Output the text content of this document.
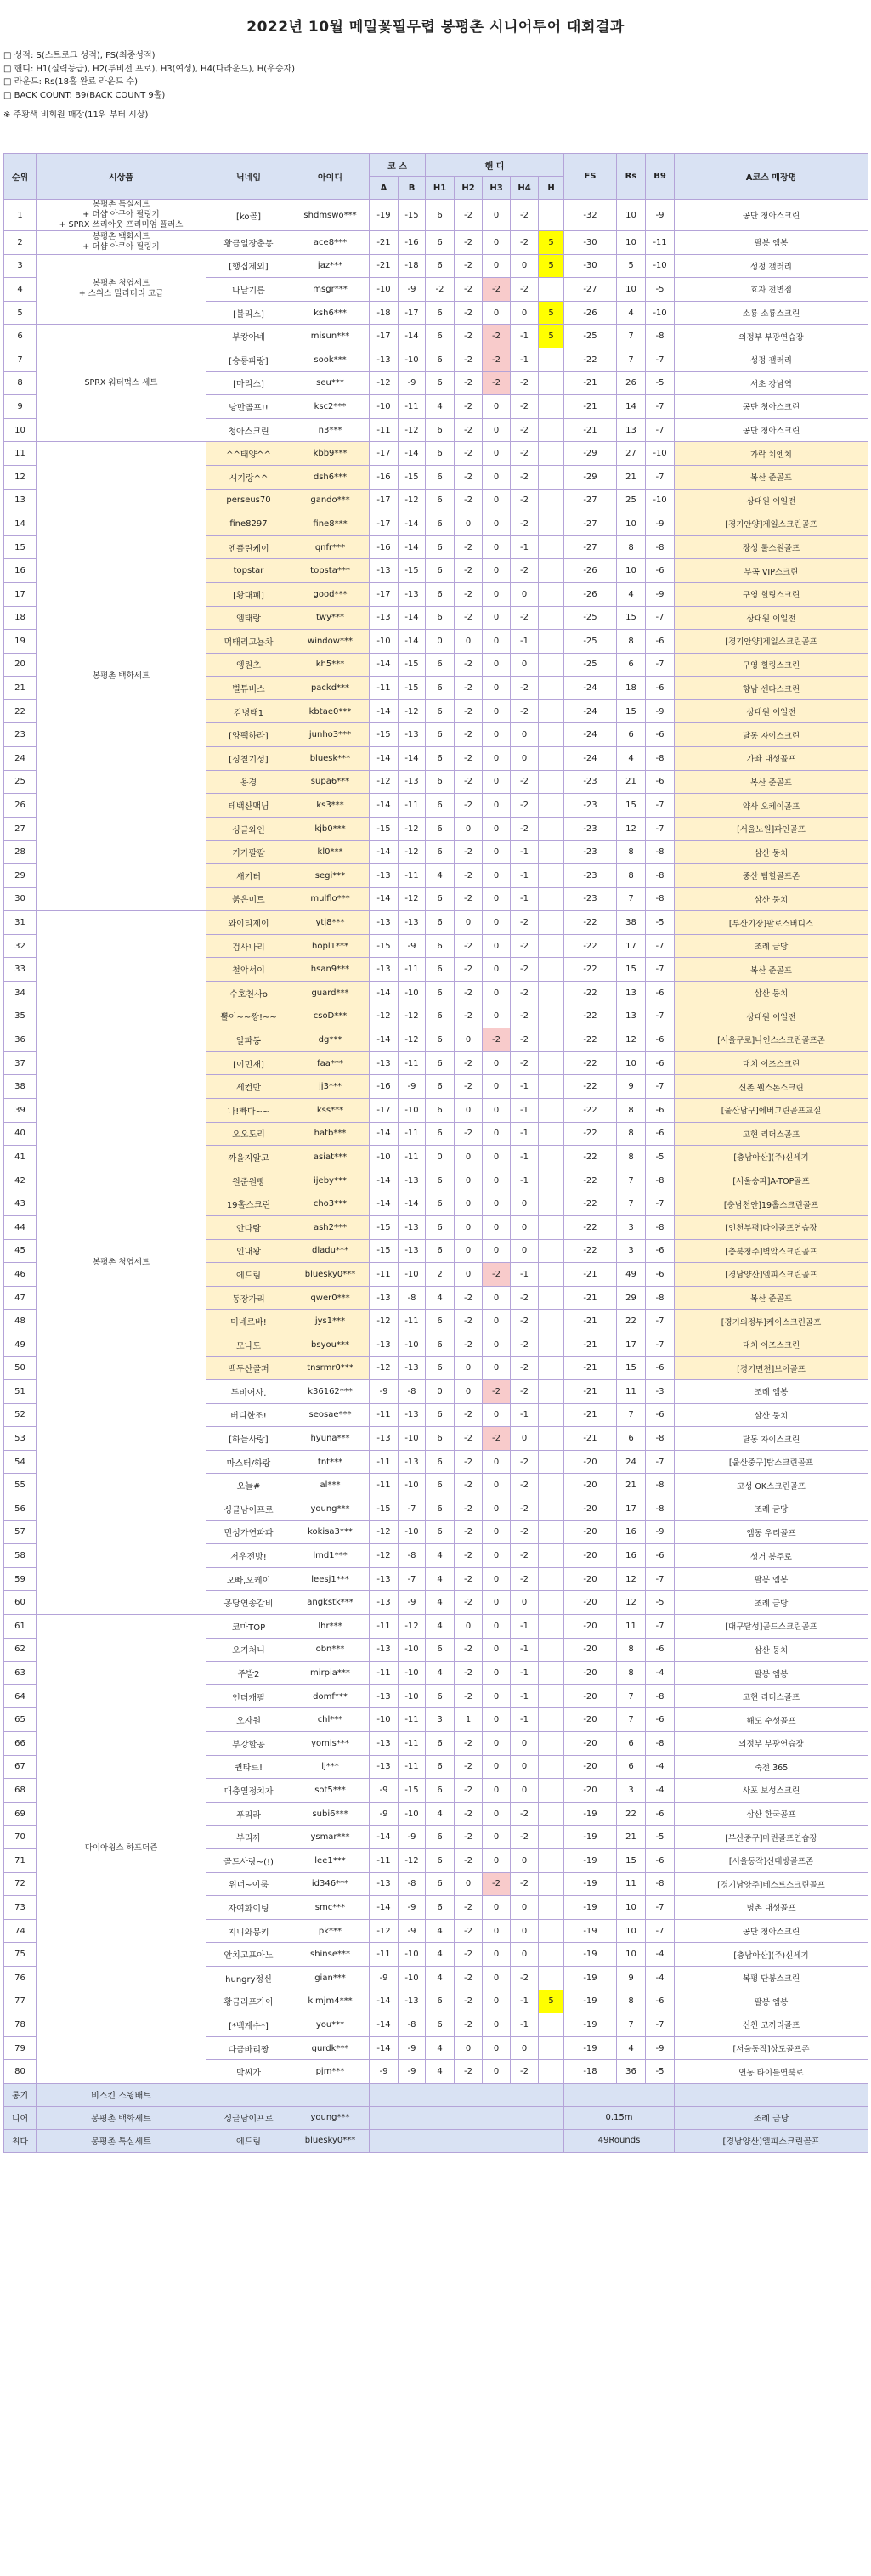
2022년 10월 메밀꽃필무렵 봉평촌 시니어투어 대회결과
□ 성적: S(스트로크 성적), FS(최종성적)
□ 핸디: H1(실력등급), H2(투비전 프로), H3(여성), H4(다라운드), H(우승자)
□ 라운드: Rs(18홀 완료 라운드 수)
□ BACK COUNT: B9(BACK COUNT 9홀)
※ 주황색 비회원 매장(11위 부터 시상)
순위	시상품	닉네임	아이디	코 스		핸 디					FS	Rs	B9	A코스 매장명
				A	B	H1	H2	H3	H4	H				
1	봉평촌 특실세트
+ 더샵 아쿠아 필링기
+ SPRX 쓰리아웃 프리미엄 플러스	[ko골]	shdmswo***	-19	-15	6	-2	0	-2		-32	10	-9	공단 청아스크린
2	봉평촌 백화세트
+ 더샵 아쿠아 필링기	황금일장춘몽	ace8***	-21	-16	6	-2	0	-2	5	-30	10	-11	팔봉 엠봉
3	봉평촌 청엽세트
+ 스위스 밀리터리 고급	[행집제외]	jaz***	-21	-18	6	-2	0	0	5	-30	5	-10	성정 갤러리
4		나날기름	msgr***	-10	-9	-2	-2	-2	-2		-27	10	-5	효자 전변점
5		[블리스]	ksh6***	-18	-17	6	-2	0	0	5	-26	4	-10	소룡 소룡스크린
6	SPRX 워터먹스 세트	부캉아네	misun***	-17	-14	6	-2	-2	-1	5	-25	7	-8	의정부 부광연습장
7		[승룡파랑]	sook***	-13	-10	6	-2	-2	-1		-22	7	-7	성정 갤러리
8		[마리스]	seu***	-12	-9	6	-2	-2	-2		-21	26	-5	서초 강남역
9		낭만골프!!	ksc2***	-10	-11	4	-2	0	-2		-21	14	-7	공단 청아스크린
10		청아스크린	n3***	-11	-12	6	-2	0	-2		-21	13	-7	공단 청아스크린
11	봉평촌 백화세트	^^태양^^	kbb9***	-17	-14	6	-2	0	-2		-29	27	-10	가락 치엔치
12		시기랑^^	dsh6***	-16	-15	6	-2	0	-2		-29	21	-7	복산 준골프
13		perseus70	gando***	-17	-12	6	-2	0	-2		-27	25	-10	상대원 이일전
14		fine8297	fine8***	-17	-14	6	0	0	-2		-27	10	-9	[경기안양]제일스크린골프
15		엔플린케이	qnfr***	-16	-14	6	-2	0	-1		-27	8	-8	장성 룰스원골프
16		topstar	topsta***	-13	-15	6	-2	0	-2		-26	10	-6	부곡 VIP스크린
17		[황대폐]	good***	-17	-13	6	-2	0	0		-26	4	-9	구영 힐링스크린
18		엠태랑	twy***	-13	-14	6	-2	0	-2		-25	15	-7	상대원 이일전
19		먹태리고뇰차	window***	-10	-14	0	0	0	-1		-25	8	-6	[경기안양]제일스크린골프
20		엥원초	kh5***	-14	-15	6	-2	0	0		-25	6	-7	구영 힐링스크린
21		별튜비스	packd***	-11	-15	6	-2	0	-2		-24	18	-6	향남 센타스크린
22		김병태1	kbtae0***	-14	-12	6	-2	0	-2		-24	15	-9	상대원 이일전
23		[양팩하라]	junho3***	-15	-13	6	-2	0	0		-24	6	-6	달동 자이스크린
24		[싱칠기성]	bluesk***	-14	-14	6	-2	0	0		-24	4	-8	가좌 대성골프
25		용경	supa6***	-12	-13	6	-2	0	-2		-23	21	-6	복산 준골프
26		테백산맥님	ks3***	-14	-11	6	-2	0	-2		-23	15	-7	약사 오케이골프
27		싱글와인	kjb0***	-15	-12	6	0	0	-2		-23	12	-7	[서울노원]파인골프
28		기가팔팔	kl0***	-14	-12	6	-2	0	-1		-23	8	-8	삼산 뭉치
29		새기터	segi***	-13	-11	4	-2	0	-1		-23	8	-8	중산 팀힐골프존
30		붉은미트	mulflo***	-14	-12	6	-2	0	-1		-23	7	-8	삼산 뭉치
31	봉평촌 청엽세트	와이티제이	ytj8***	-13	-13	6	0	0	-2		-22	38	-5	[부산기장]팔로스버디스
32		검사나리	hopl1***	-15	-9	6	-2	0	-2		-22	17	-7	조례 금당
33		철악서이	hsan9***	-13	-11	6	-2	0	-2		-22	15	-7	복산 준골프
34		수호천사o	guard***	-14	-10	6	-2	0	-2		-22	13	-6	삼산 뭉치
35		뿔이~~짱!~~	csoD***	-12	-12	6	-2	0	-2		-22	13	-7	상대원 이일전
36		알파동	dg***	-14	-12	6	0	-2	-2		-22	12	-6	[서울구로]나인스스크린골프존
37		[이민재]	faa***	-13	-11	6	-2	0	-2		-22	10	-6	대치 이즈스크린
38		세컨반	jj3***	-16	-9	6	-2	0	-1		-22	9	-7	신촌 웰스톤스크린
39		나!빠다~~	kss***	-17	-10	6	0	0	-1		-22	8	-6	[울산남구]에버그린골프교실
40		오오도리	hatb***	-14	-11	6	-2	0	-1		-22	8	-6	고현 리더스골프
41		까을지알고	asiat***	-10	-11	0	0	0	-1		-22	8	-5	[충남아산](주)신세기
42		원준원빵	ijeby***	-14	-13	6	0	0	-1		-22	7	-8	[서울송파]A-TOP골프
43		19홀스크린	cho3***	-14	-14	6	0	0	0		-22	7	-7	[충남천안]19홀스크린골프
44		안다람	ash2***	-15	-13	6	0	0	0		-22	3	-8	[인천부평]다이골프연습장
45		인내왕	dladu***	-15	-13	6	0	0	0		-22	3	-6	[충북청주]벽악스크린골프
46		에드림	bluesky0***	-11	-10	2	0	-2	-1		-21	49	-6	[경남양산]엘피스크린골프
47		동장가리	qwer0***	-13	-8	4	-2	0	-2		-21	29	-8	복산 준골프
48		미네르바!	jys1***	-12	-11	6	-2	0	-2		-21	22	-7	[경기의정부]케이스크린골프
49		모나도	bsyou***	-13	-10	6	-2	0	-2		-21	17	-7	대치 이즈스크린
50		백두산골퍼	tnsrmr0***	-12	-13	6	0	0	-2		-21	15	-6	[경기면천]브이골프
51		투비어사.	k36162***	-9	-8	0	0	-2	-2		-21	11	-3	조례 엠봉
52		버디한조!	seosae***	-11	-13	6	-2	0	-1		-21	7	-6	삼산 뭉치
53		[하늘사랑]	hyuna***	-13	-10	6	-2	-2	0		-21	6	-8	달동 자이스크린
54		마스터/하랑	tnt***	-11	-13	6	-2	0	-2		-20	24	-7	[울산중구]탑스크린골프
55		오늘#	al***	-11	-10	6	-2	0	-2		-20	21	-8	고성 OK스크린골프
56		싱글남이프로	young***	-15	-7	6	-2	0	-2		-20	17	-8	조례 금당
57		민성가연파파	kokisa3***	-12	-10	6	-2	0	-2		-20	16	-9	엠동 우리골프
58		저우전방!	lmd1***	-12	-8	4	-2	0	-2		-20	16	-6	성거 봉주로
59		오빠,오케이	leesj1***	-13	-7	4	-2	0	-2		-20	12	-7	팔봉 엠봉
60		공당연송갈비	angkstk***	-13	-9	4	-2	0	0		-20	12	-5	조례 금당
61	다이아윙스 하프더즌	코마TOP	lhr***	-11	-12	4	0	0	-1		-20	11	-7	[대구달성]골드스크린골프
62		오기처니	obn***	-13	-10	6	-2	0	-1		-20	8	-6	삼산 뭉치
63		주발2	mirpia***	-11	-10	4	-2	0	-1		-20	8	-4	팔봉 엠봉
64		언더캐필	domf***	-13	-10	6	-2	0	-1		-20	7	-8	고현 리더스골프
65		오자원	chl***	-10	-11	3	1	0	-1		-20	7	-6	해도 수성골프
66		부강할공	yomis***	-13	-11	6	-2	0	0		-20	6	-8	의정부 부광연습장
67		퀸타르!	lj***	-13	-11	6	-2	0	0		-20	6	-4	죽전 365
68		대충열정치자	sot5***	-9	-15	6	-2	0	0		-20	3	-4	사포 보성스크린
69		푸리라	subi6***	-9	-10	4	-2	0	-2		-19	22	-6	삼산 한국골프
70		부리까	ysmar***	-14	-9	6	-2	0	-2		-19	21	-5	[부산중구]마린골프연습장
71		골드사랑~(!)	lee1***	-11	-12	6	-2	0	0		-19	15	-6	[서울동작]신대방골프존
72		위너~이룸	id346***	-13	-8	6	0	-2	-2		-19	11	-8	[경기남양주]베스트스크린골프
73		자여화이팅	smc***	-14	-9	6	-2	0	0		-19	10	-7	명촌 대성골프
74		지니와몽키	pk***	-12	-9	4	-2	0	0		-19	10	-7	공단 청아스크린
75		안치고프아노	shinse***	-11	-10	4	-2	0	0		-19	10	-4	[충남아산](주)신세기
76		hungry정신	gian***	-9	-10	4	-2	0	-2		-19	9	-4	복평 단봉스크린
77		황금러프가이	kimjm4***	-14	-13	6	-2	0	-1	5	-19	8	-6	팔봉 엠봉
78		[*백계수*]	you***	-14	-8	6	-2	0	-1		-19	7	-7	신천 코끼리골프
79		다금바리짱	gurdk***	-14	-9	4	0	0	0		-19	4	-9	[서울동작]상도골프존
80		박씨가	pjm***	-9	-9	4	-2	0	-2		-18	36	-5	연동 타이틀연북로
롱기	비스킨 스윙배트													
니어	봉평촌 백화세트	싱글남이프로	young***								0.15m			조례 금당
최다	봉평촌 특실세트	에드림	bluesky0***								49Rounds			[경남양산]엘피스크린골프
